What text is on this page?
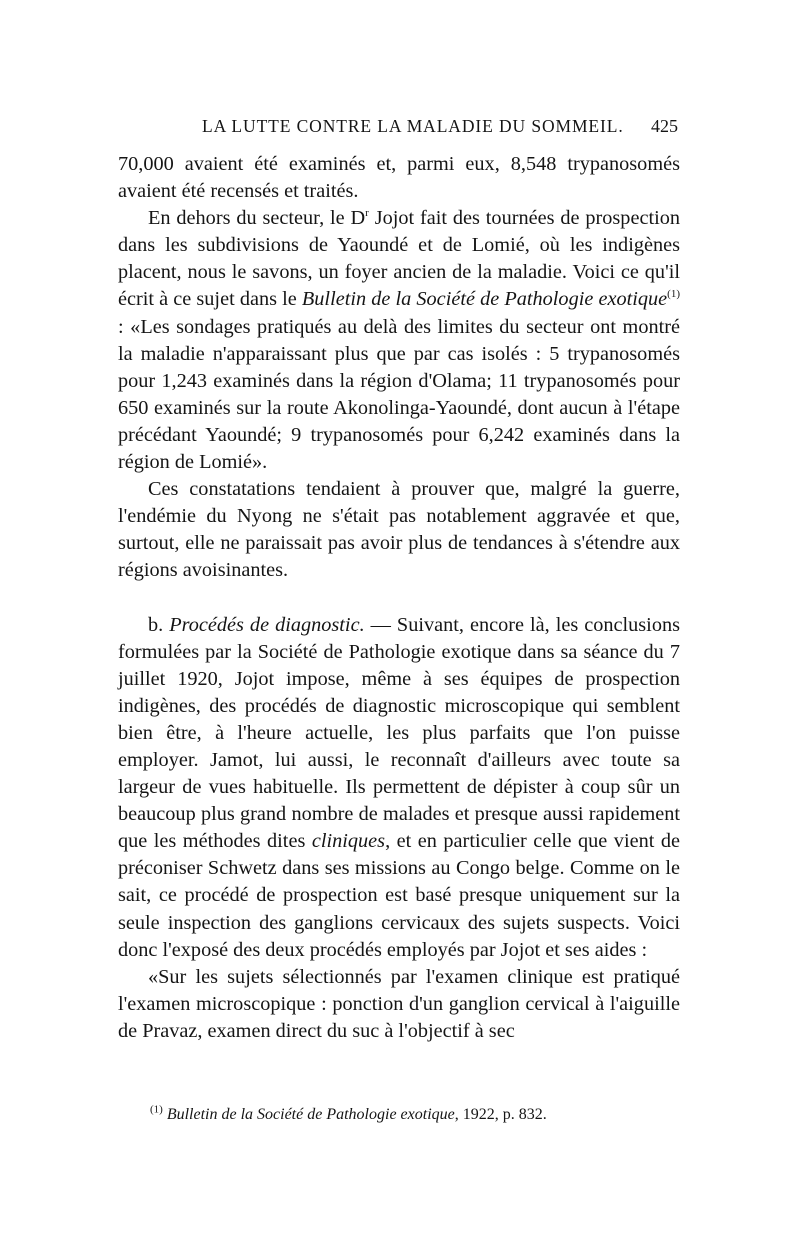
LA LUTTE CONTRE LA MALADIE DU SOMMEIL. 425

70,000 avaient été examinés et, parmi eux, 8,548 trypanosomés avaient été recensés et traités.

En dehors du secteur, le $D^r$ Jojot fait des tournées de prospection dans les subdivisions de Yaoundé et de Lomié, où les indigènes placent, nous le savons, un foyer ancien de la maladie. Voici ce qu'il écrit à ce sujet dans le Bulletin de la Société de Pathologie exotique$^{(1)}$ : «Les sondages pratiqués au delà des limites du secteur ont montré la maladie n'apparaissant plus que par cas isolés : 5 trypanosomés pour 1,243 examinés dans la région d'Olama; 11 trypanosomés pour 650 examinés sur la route Akonolinga-Yaoundé, dont aucun à l'étape précédant Yaoundé; 9 trypanosomés pour 6,242 examinés dans la région de Lomié».

Ces constatations tendaient à prouver que, malgré la guerre, l'endémie du Nyong ne s'était pas notablement aggravée et que, surtout, elle ne paraissait pas avoir plus de tendances à s'étendre aux régions avoisinantes.

b. Procédés de diagnostic. — Suivant, encore là, les conclusions formulées par la Société de Pathologie exotique dans sa séance du 7 juillet 1920, Jojot impose, même à ses équipes de prospection indigènes, des procédés de diagnostic microscopique qui semblent bien être, à l'heure actuelle, les plus parfaits que l'on puisse employer. Jamot, lui aussi, le reconnaît d'ailleurs avec toute sa largeur de vues habituelle. Ils permettent de dépister à coup sûr un beaucoup plus grand nombre de malades et presque aussi rapidement que les méthodes dites cliniques, et en particulier celle que vient de préconiser Schwetz dans ses missions au Congo belge. Comme on le sait, ce procédé de prospection est basé presque uniquement sur la seule inspection des ganglions cervicaux des sujets suspects. Voici donc l'exposé des deux procédés employés par Jojot et ses aides :

«Sur les sujets sélectionnés par l'examen clinique est pratiqué l'examen microscopique : ponction d'un ganglion cervical à l'aiguille de Pravaz, examen direct du suc à l'objectif à sec

$^{(1)}$ Bulletin de la Société de Pathologie exotique, 1922, p. 832.
